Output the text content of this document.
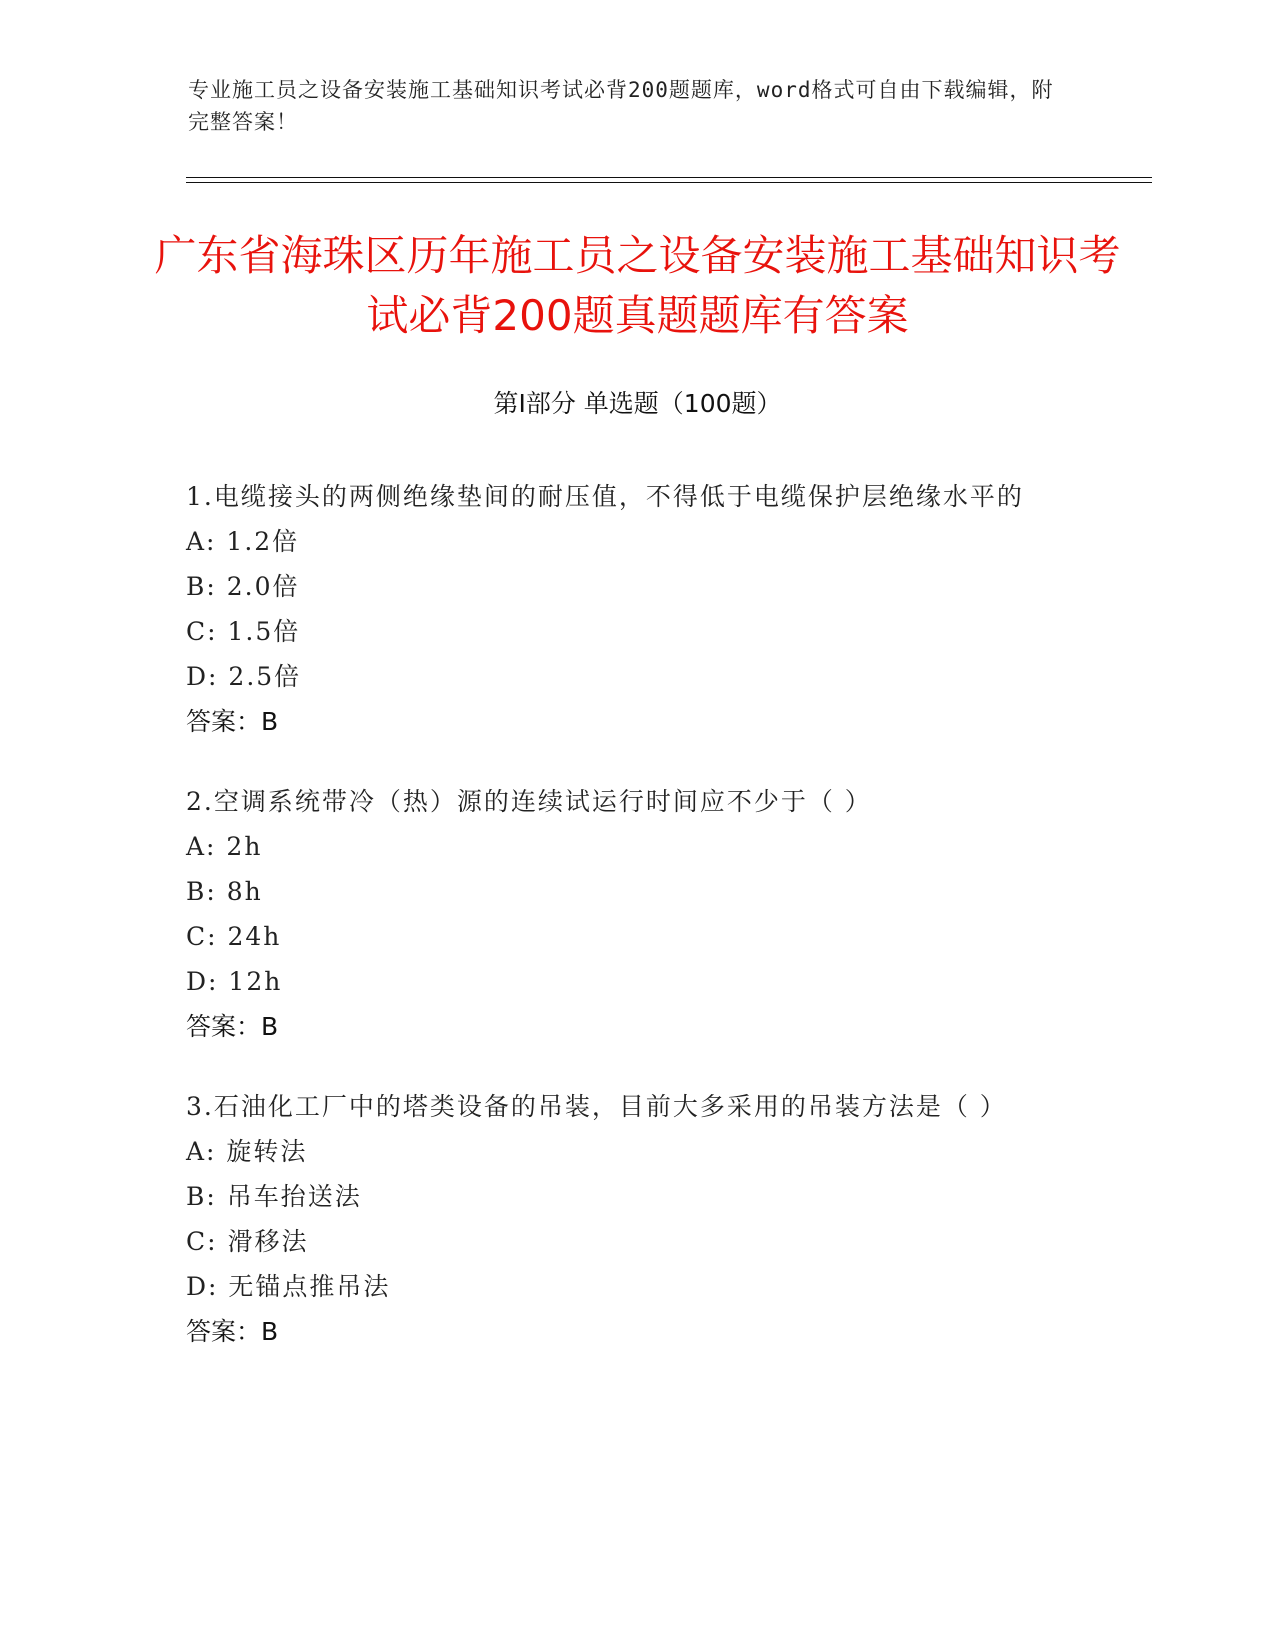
专业施工员之设备安装施工基础知识考试必背200题题库，word格式可自由下载编辑，附完整答案！
广东省海珠区历年施工员之设备安装施工基础知识考试必背200题真题题库有答案
第Ⅰ部分 单选题（100题）
1.电缆接头的两侧绝缘垫间的耐压值，不得低于电缆保护层绝缘水平的
A: 1.2倍
B: 2.0倍
C: 1.5倍
D: 2.5倍
答案：B
2.空调系统带冷（热）源的连续试运行时间应不少于（ ）
A: 2h
B: 8h
C: 24h
D: 12h
答案：B
3.石油化工厂中的塔类设备的吊装，目前大多采用的吊装方法是（ ）
A: 旋转法
B: 吊车抬送法
C: 滑移法
D: 无锚点推吊法
答案：B
